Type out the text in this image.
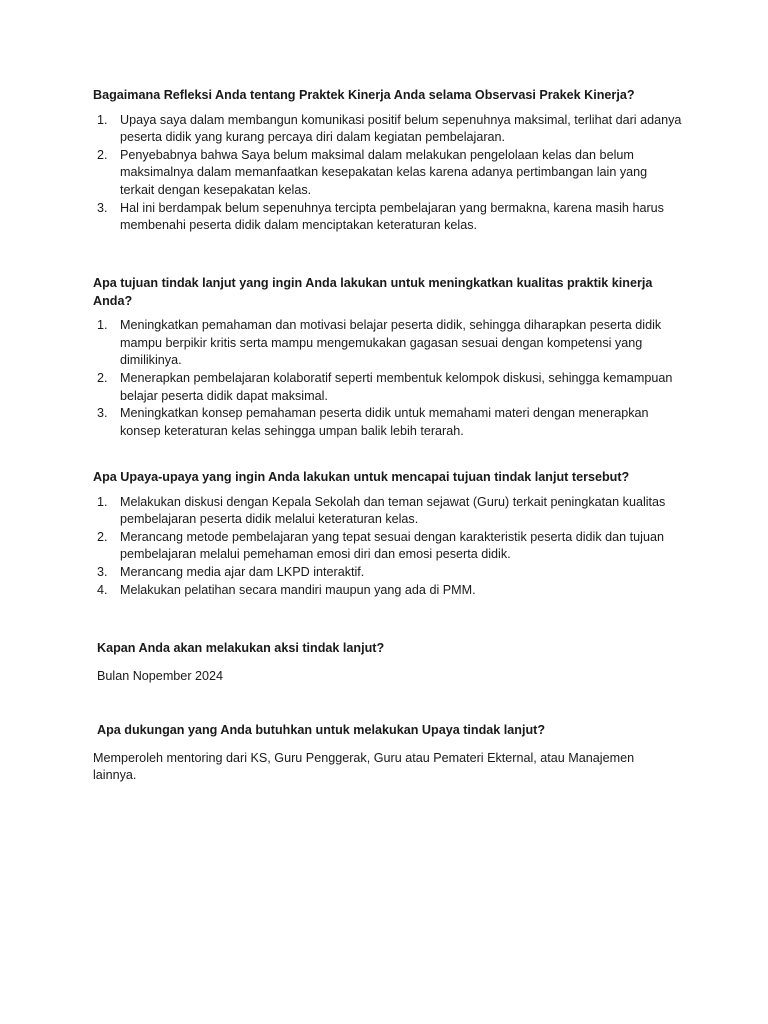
Bagaimana Refleksi Anda tentang Praktek Kinerja Anda selama Observasi Prakek Kinerja?

1. Upaya saya dalam membangun komunikasi positif belum sepenuhnya maksimal, terlihat dari adanya peserta didik yang kurang percaya diri dalam kegiatan pembelajaran.
2. Penyebabnya bahwa Saya belum maksimal dalam melakukan pengelolaan kelas dan belum maksimalnya dalam memanfaatkan kesepakatan kelas karena adanya pertimbangan lain yang terkait dengan kesepakatan kelas.
3. Hal ini berdampak belum sepenuhnya tercipta pembelajaran yang bermakna, karena masih harus membenahi peserta didik dalam menciptakan keteraturan kelas.

Apa tujuan tindak lanjut yang ingin Anda lakukan untuk meningkatkan kualitas praktik kinerja Anda?

1. Meningkatkan pemahaman dan motivasi belajar peserta didik, sehingga diharapkan peserta didik mampu berpikir kritis serta mampu mengemukakan gagasan sesuai dengan kompetensi yang dimilikinya.
2. Menerapkan pembelajaran kolaboratif seperti membentuk kelompok diskusi, sehingga kemampuan belajar peserta didik dapat maksimal.
3. Meningkatkan konsep pemahaman peserta didik untuk memahami materi dengan menerapkan konsep keteraturan kelas sehingga umpan balik lebih terarah.

Apa Upaya-upaya yang ingin Anda lakukan untuk mencapai tujuan tindak lanjut tersebut?

1. Melakukan diskusi dengan Kepala Sekolah dan teman sejawat (Guru) terkait peningkatan kualitas pembelajaran peserta didik melalui keteraturan kelas.
2. Merancang metode pembelajaran yang tepat sesuai dengan karakteristik peserta didik dan tujuan pembelajaran melalui pemehaman emosi diri dan emosi peserta didik.
3. Merancang media ajar dam LKPD interaktif.
4. Melakukan pelatihan secara mandiri maupun yang ada di PMM.

Kapan Anda akan melakukan aksi tindak lanjut?

Bulan Nopember 2024

Apa dukungan yang Anda butuhkan untuk melakukan Upaya tindak lanjut?

Memperoleh mentoring dari KS, Guru Penggerak, Guru atau Pemateri Ekternal, atau Manajemen lainnya.
